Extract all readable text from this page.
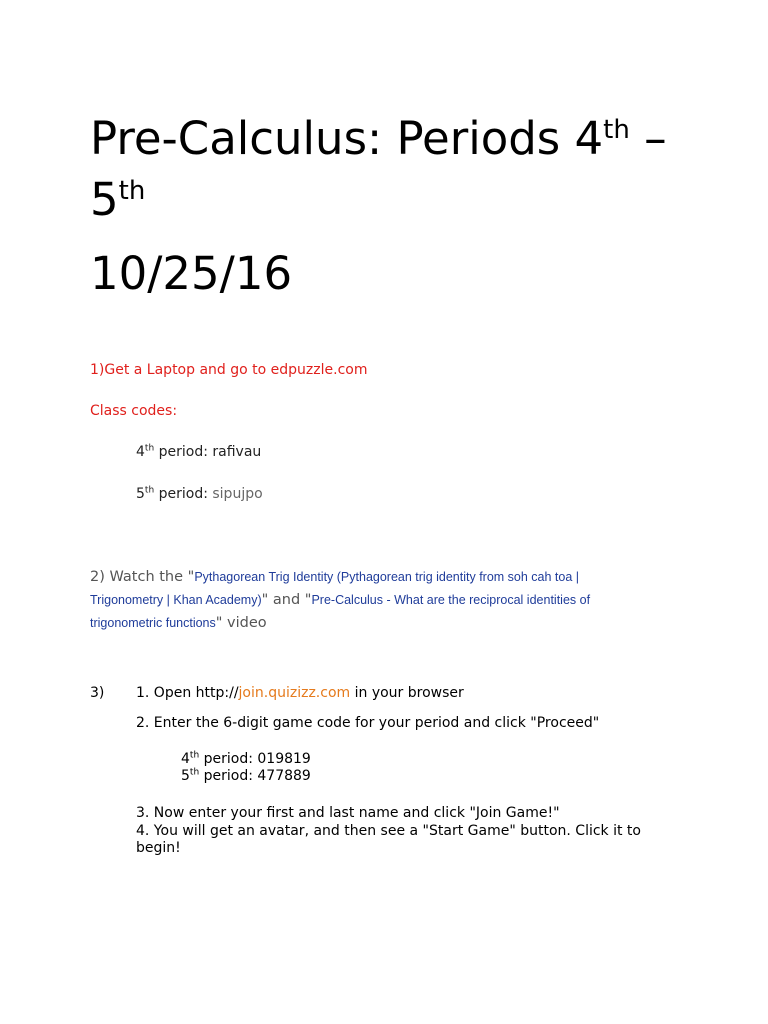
Pre-Calculus: Periods 4th –
5th
10/25/16
1)Get a Laptop and go to edpuzzle.com
Class codes:
4th period: rafivau
5th period: sipujpo
2) Watch the "Pythagorean Trig Identity (Pythagorean trig identity from soh cah toa | Trigonometry | Khan Academy)" and "Pre-Calculus - What are the reciprocal identities of trigonometric functions" video
3) 1. Open http://join.quizizz.com in your browser
2. Enter the 6-digit game code for your period and click "Proceed"
4th period: 019819
5th period: 477889
3. Now enter your first and last name and click "Join Game!"
4. You will get an avatar, and then see a "Start Game" button. Click it to begin!
